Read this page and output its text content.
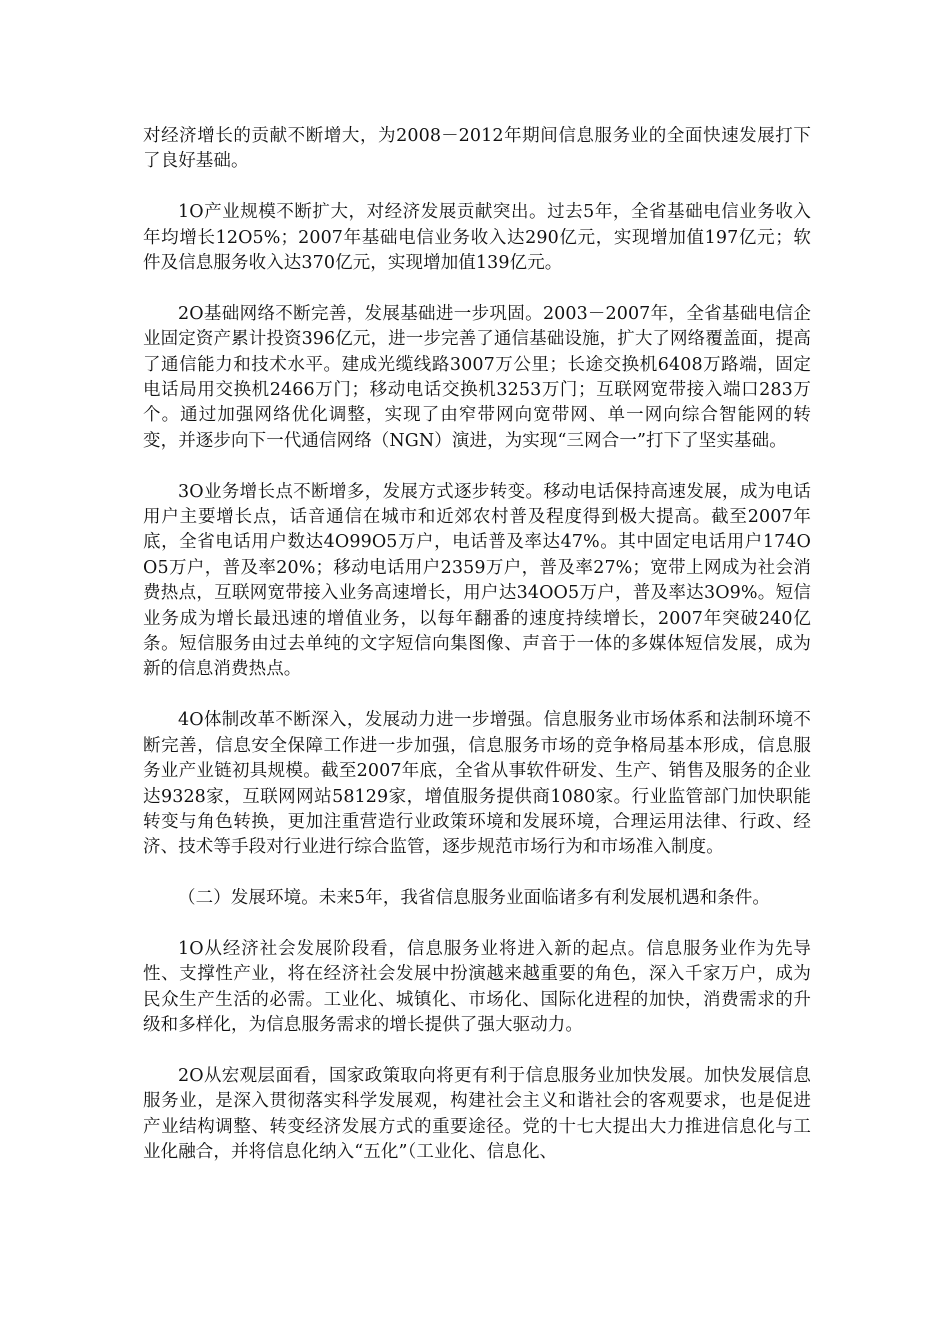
对经济增长的贡献不断增大，为2008－2012年期间信息服务业的全面快速发展打下了良好基础。

1O产业规模不断扩大，对经济发展贡献突出。过去5年，全省基础电信业务收入年均增长12O5%；2007年基础电信业务收入达290亿元，实现增加值197亿元；软件及信息服务收入达370亿元，实现增加值139亿元。

2O基础网络不断完善，发展基础进一步巩固。2003－2007年，全省基础电信企业固定资产累计投资396亿元，进一步完善了通信基础设施，扩大了网络覆盖面，提高了通信能力和技术水平。建成光缆线路3007万公里；长途交换机6408万路端，固定电话局用交换机2466万门；移动电话交换机3253万门；互联网宽带接入端口283万个。通过加强网络优化调整，实现了由窄带网向宽带网、单一网向综合智能网的转变，并逐步向下一代通信网络（NGN）演进，为实现“三网合一”打下了坚实基础。

3O业务增长点不断增多，发展方式逐步转变。移动电话保持高速发展，成为电话用户主要增长点，话音通信在城市和近郊农村普及程度得到极大提高。截至2007年底，全省电话用户数达4O99O5万户，电话普及率达47%。其中固定电话用户174OO5万户，普及率20%；移动电话用户2359万户，普及率27%；宽带上网成为社会消费热点，互联网宽带接入业务高速增长，用户达34OO5万户，普及率达3O9%。短信业务成为增长最迅速的增值业务，以每年翻番的速度持续增长，2007年突破240亿条。短信服务由过去单纯的文字短信向集图像、声音于一体的多媒体短信发展，成为新的信息消费热点。

4O体制改革不断深入，发展动力进一步增强。信息服务业市场体系和法制环境不断完善，信息安全保障工作进一步加强，信息服务市场的竞争格局基本形成，信息服务业产业链初具规模。截至2007年底，全省从事软件研发、生产、销售及服务的企业达9328家，互联网网站58129家，增值服务提供商1080家。行业监管部门加快职能转变与角色转换，更加注重营造行业政策环境和发展环境，合理运用法律、行政、经济、技术等手段对行业进行综合监管，逐步规范市场行为和市场准入制度。

（二）发展环境。未来5年，我省信息服务业面临诸多有利发展机遇和条件。

1O从经济社会发展阶段看，信息服务业将进入新的起点。信息服务业作为先导性、支撑性产业，将在经济社会发展中扮演越来越重要的角色，深入千家万户，成为民众生产生活的必需。工业化、城镇化、市场化、国际化进程的加快，消费需求的升级和多样化，为信息服务需求的增长提供了强大驱动力。

2O从宏观层面看，国家政策取向将更有利于信息服务业加快发展。加快发展信息服务业，是深入贯彻落实科学发展观，构建社会主义和谐社会的客观要求，也是促进产业结构调整、转变经济发展方式的重要途径。党的十七大提出大力推进信息化与工业化融合，并将信息化纳入“五化”（工业化、信息化、
